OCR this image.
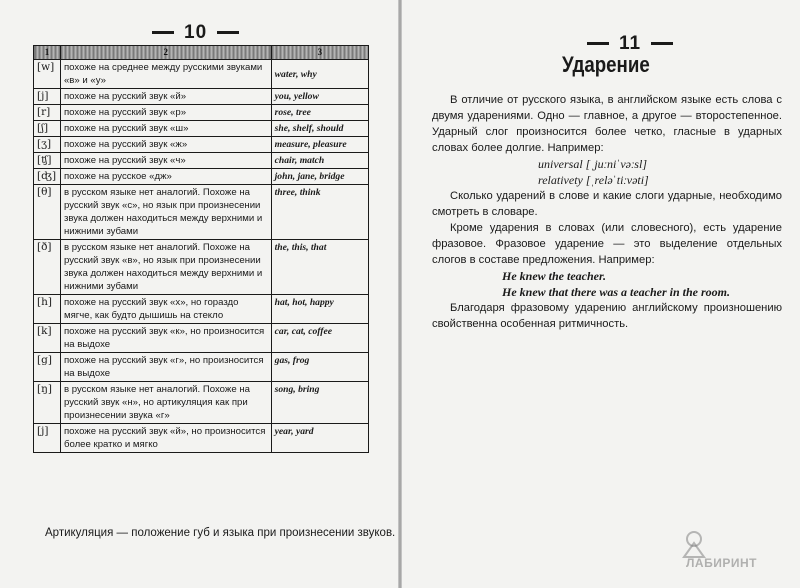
10
1	2	3
[w]	похоже на среднее между русскими звуками «в» и «у»	water, why
[j]	похоже на русский звук «й»	you, yellow
[r]	похоже на русский звук «р»	rose, tree
[ʃ]	похоже на русский звук «ш»	she, shelf, should
[ʒ]	похоже на русский звук «ж»	measure, pleasure
[ʧ]	похоже на русский звук «ч»	chair, match
[ʤ]	похоже на русское «дж»	john, jane, bridge
[θ]	в русском языке нет аналогий. Похоже на русский звук «с», но язык при произнесении звука должен находиться между верхними и нижними зубами	three, think
[ð]	в русском языке нет аналогий. Похоже на русский звук «в», но язык при произнесении звука должен находиться между верхними и нижними зубами	the, this, that
[h]	похоже на русский звук «х», но гораздо мягче, как будто дышишь на стекло	hat, hot, happy
[k]	похоже на русский звук «к», но произносится на выдохе	car, cat, coffee
[g]	похоже на русский звук «г», но произносится на выдохе	gas, frog
[ŋ]	в русском языке нет аналогий. Похоже на русский звук «н», но артикуляция как при произнесении звука «г»	song, bring
[j]	похоже на русский звук «й», но произносится более кратко и мягко	year, yard
Артикуляция — положение губ и языка при произнесении звуков.
11
Ударение

В отличие от русского языка, в английском языке есть слова с двумя ударениями. Одно — главное, а другое — второстепенное. Ударный слог произносится более четко, гласные в ударных словах более долгие. Например:

universal [ˌjuːniˈvəːsl]

relativety [ˌreləˈtiːvəti]

Сколько ударений в слове и какие слоги ударные, необходимо смотреть в словаре.

Кроме ударения в словах (или словесного), есть ударение фразовое. Фразовое ударение — это выделение отдельных слогов в составе предложения. Например:

He knew the teacher.

He knew that there was a teacher in the room.

Благодаря фразовому ударению английскому произношению свойственна особенная ритмичность.

ЛАБИРИНТ
